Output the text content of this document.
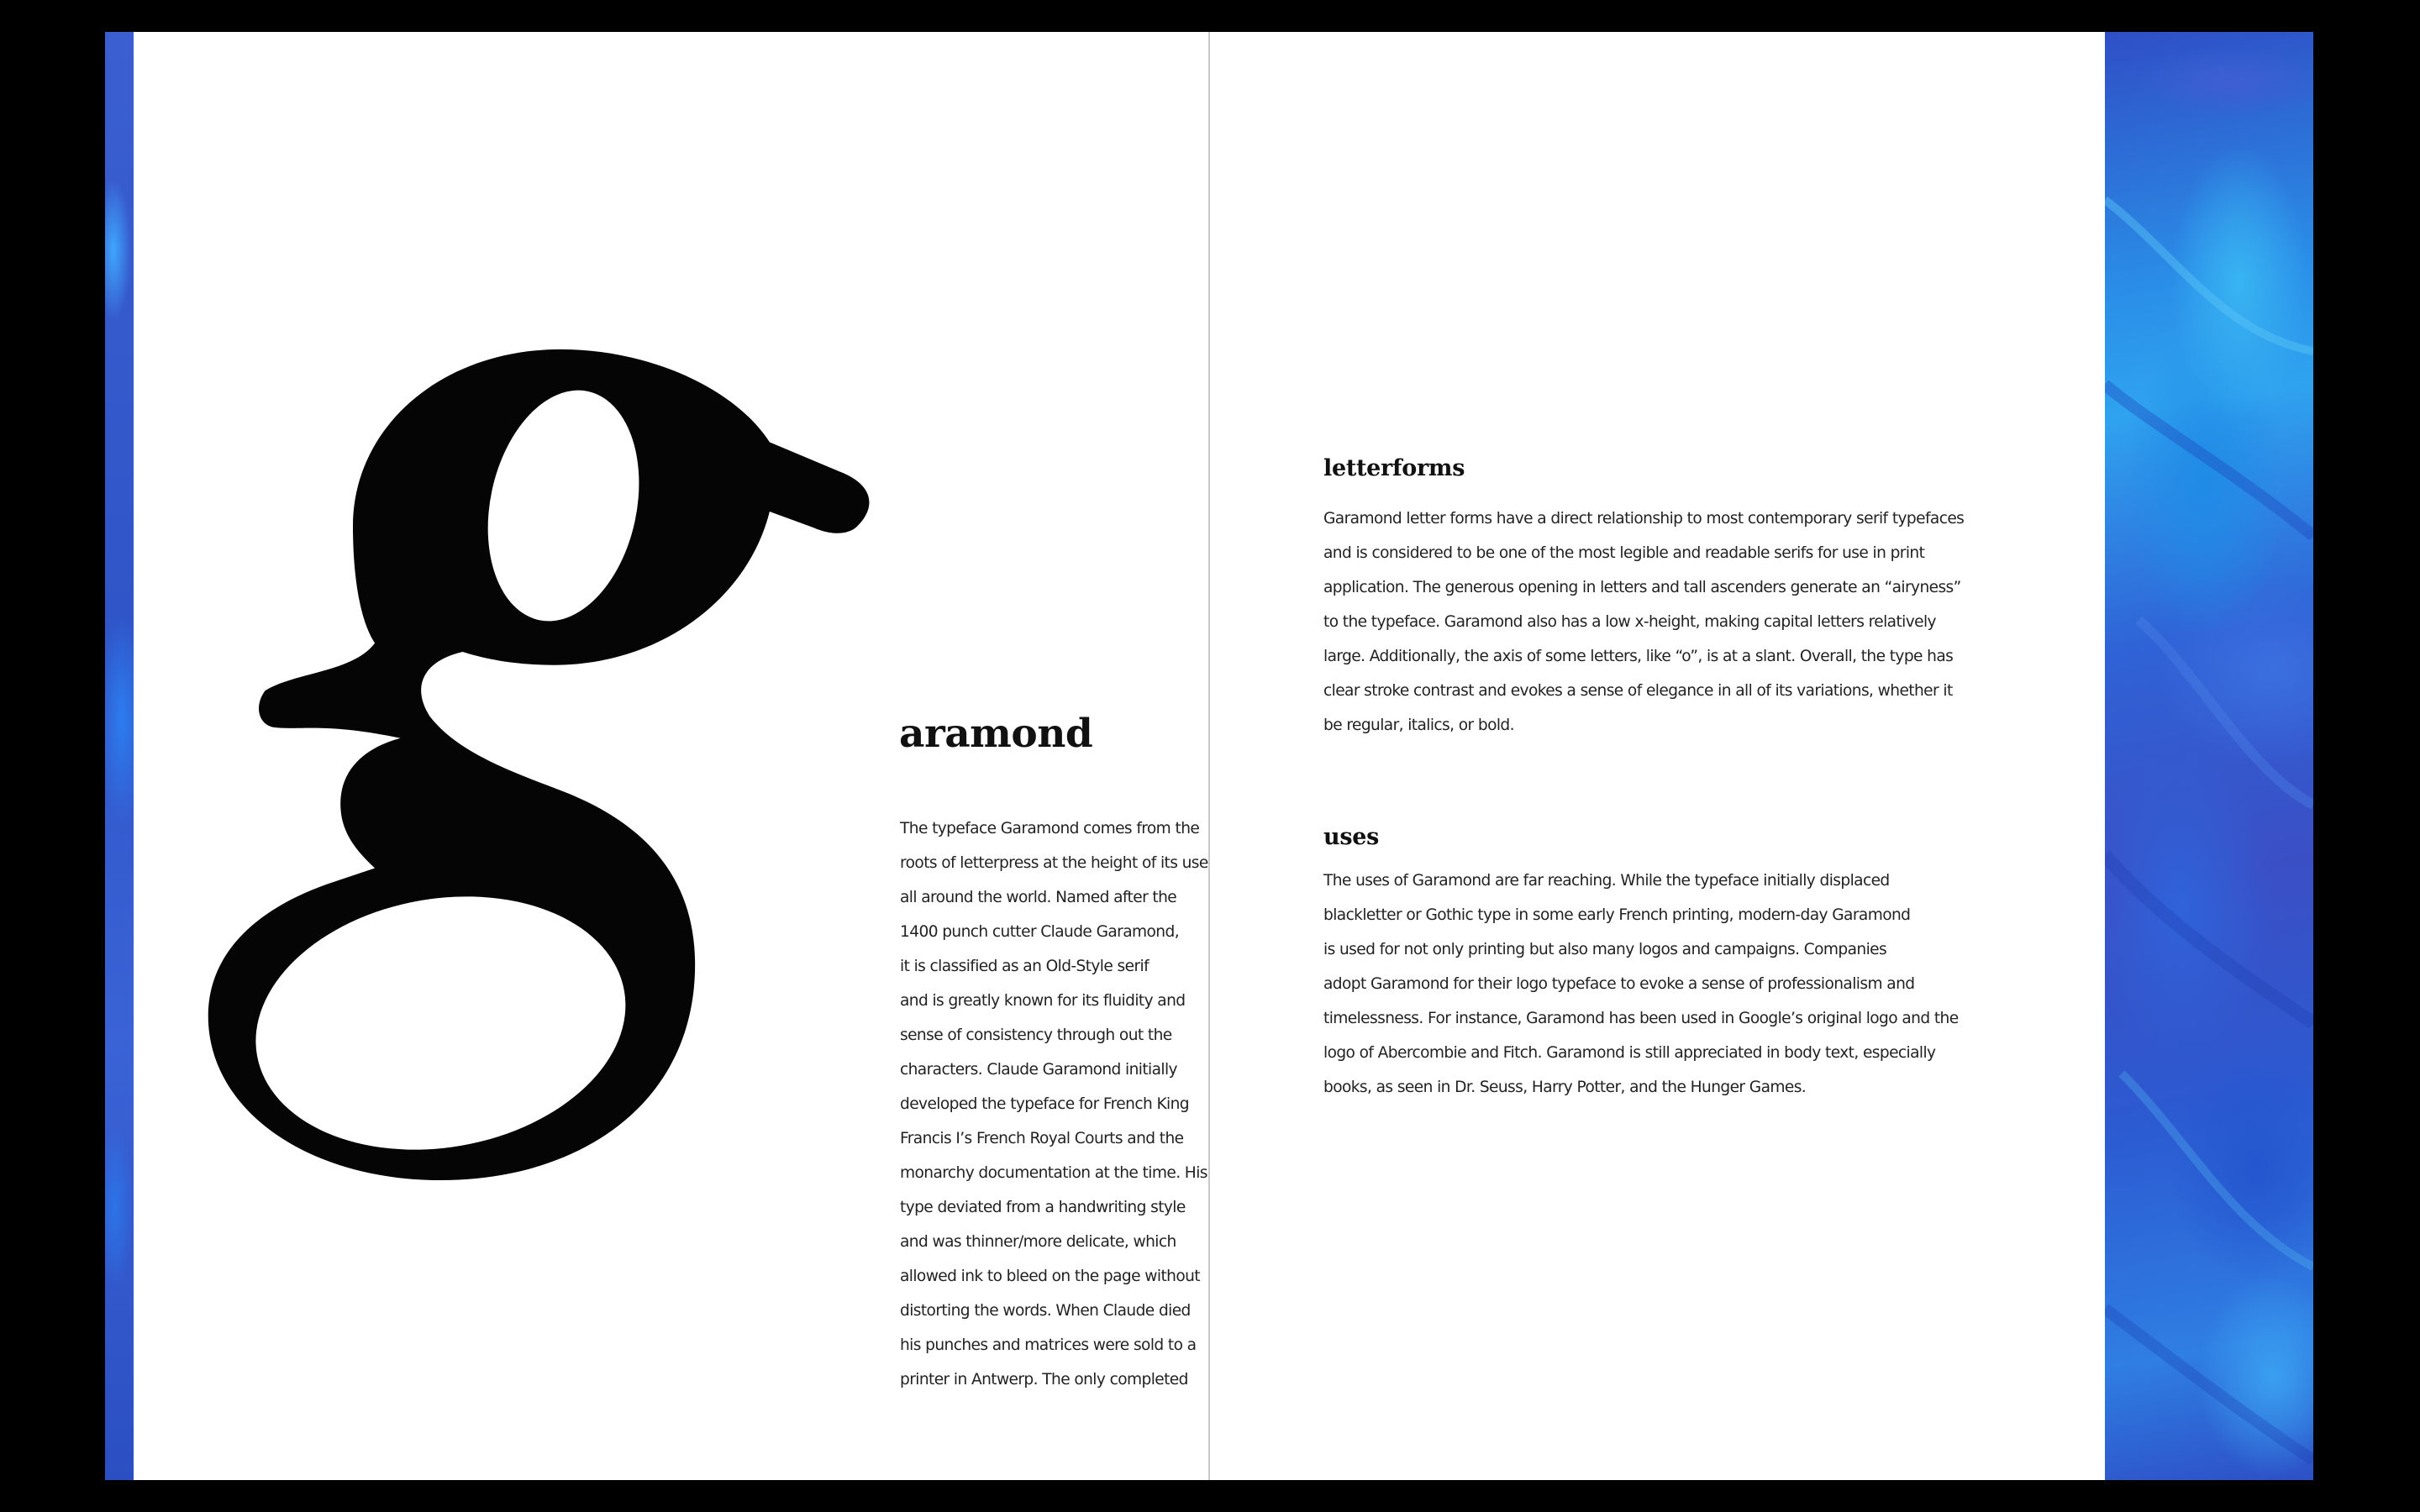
aramond
The typeface Garamond comes from the
roots of letterpress at the height of its use
all around the world. Named after the
1400 punch cutter Claude Garamond,
it is classified as an Old-Style serif
and is greatly known for its fluidity and
sense of consistency through out the
characters. Claude Garamond initially
developed the typeface for French King
Francis I’s French Royal Courts and the
monarchy documentation at the time. His
type deviated from a handwriting style
and was thinner/more delicate, which
allowed ink to bleed on the page without
distorting the words. When Claude died
his punches and matrices were sold to a
printer in Antwerp. The only completed
letterforms
Garamond letter forms have a direct relationship to most contemporary serif typefaces
and is considered to be one of the most legible and readable serifs for use in print
application. The generous opening in letters and tall ascenders generate an “airyness”
to the typeface. Garamond also has a low x-height, making capital letters relatively
large. Additionally, the axis of some letters, like “o”, is at a slant. Overall, the type has
clear stroke contrast and evokes a sense of elegance in all of its variations, whether it
be regular, italics, or bold.
uses
The uses of Garamond are far reaching. While the typeface initially displaced
blackletter or Gothic type in some early French printing, modern-day Garamond
is used for not only printing but also many logos and campaigns. Companies
adopt Garamond for their logo typeface to evoke a sense of professionalism and
timelessness. For instance, Garamond has been used in Google’s original logo and the
logo of Abercombie and Fitch. Garamond is still appreciated in body text, especially
books, as seen in Dr. Seuss, Harry Potter, and the Hunger Games.
